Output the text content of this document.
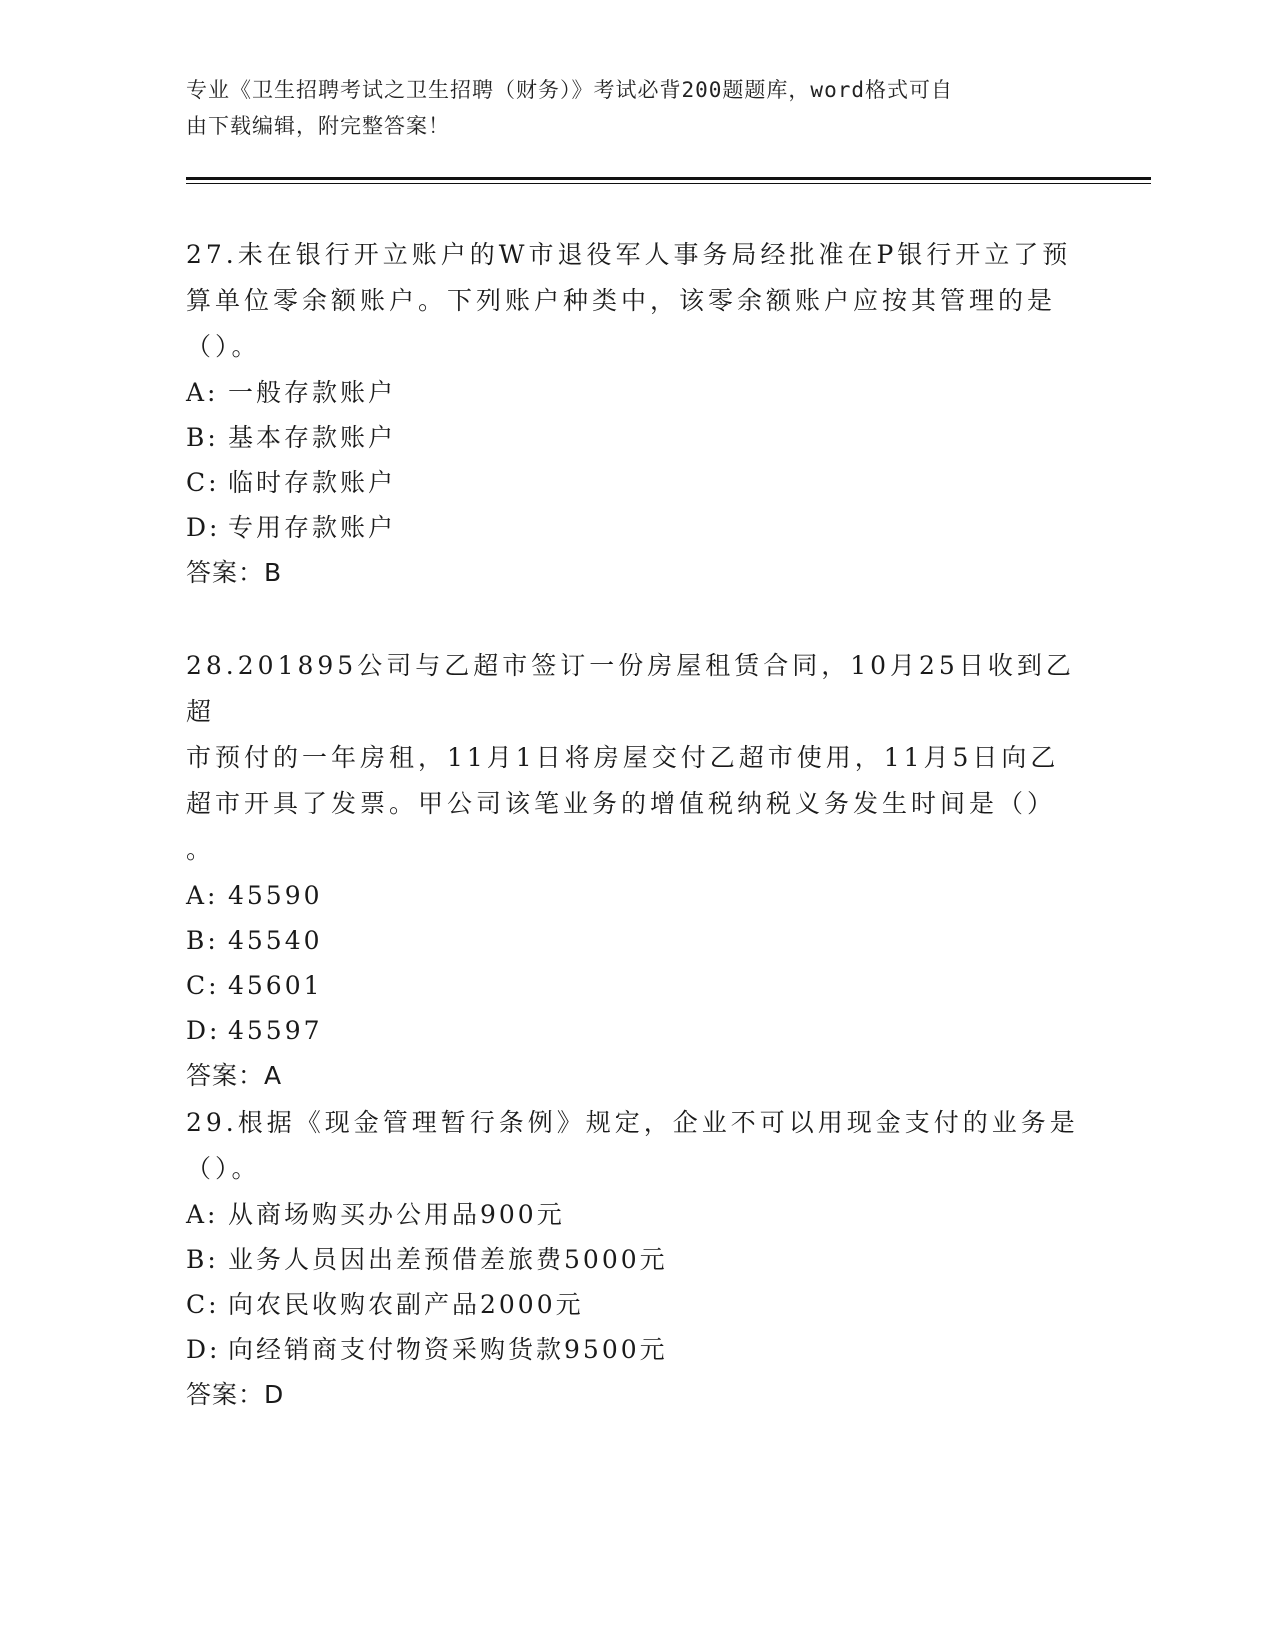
专业《卫生招聘考试之卫生招聘（财务）》考试必背200题题库，word格式可自
由下载编辑，附完整答案！
27.未在银行开立账户的W市退役军人事务局经批准在P银行开立了预
算单位零余额账户。下列账户种类中，该零余额账户应按其管理的是
（）。
A: 一般存款账户
B: 基本存款账户
C: 临时存款账户
D: 专用存款账户
答案：B
28.201895公司与乙超市签订一份房屋租赁合同，10月25日收到乙超
市预付的一年房租，11月1日将房屋交付乙超市使用，11月5日向乙
超市开具了发票。甲公司该笔业务的增值税纳税义务发生时间是（）
。
A: 45590
B: 45540
C: 45601
D: 45597
答案：A
29.根据《现金管理暂行条例》规定，企业不可以用现金支付的业务是
（）。
A: 从商场购买办公用品900元
B: 业务人员因出差预借差旅费5000元
C: 向农民收购农副产品2000元
D: 向经销商支付物资采购货款9500元
答案：D
